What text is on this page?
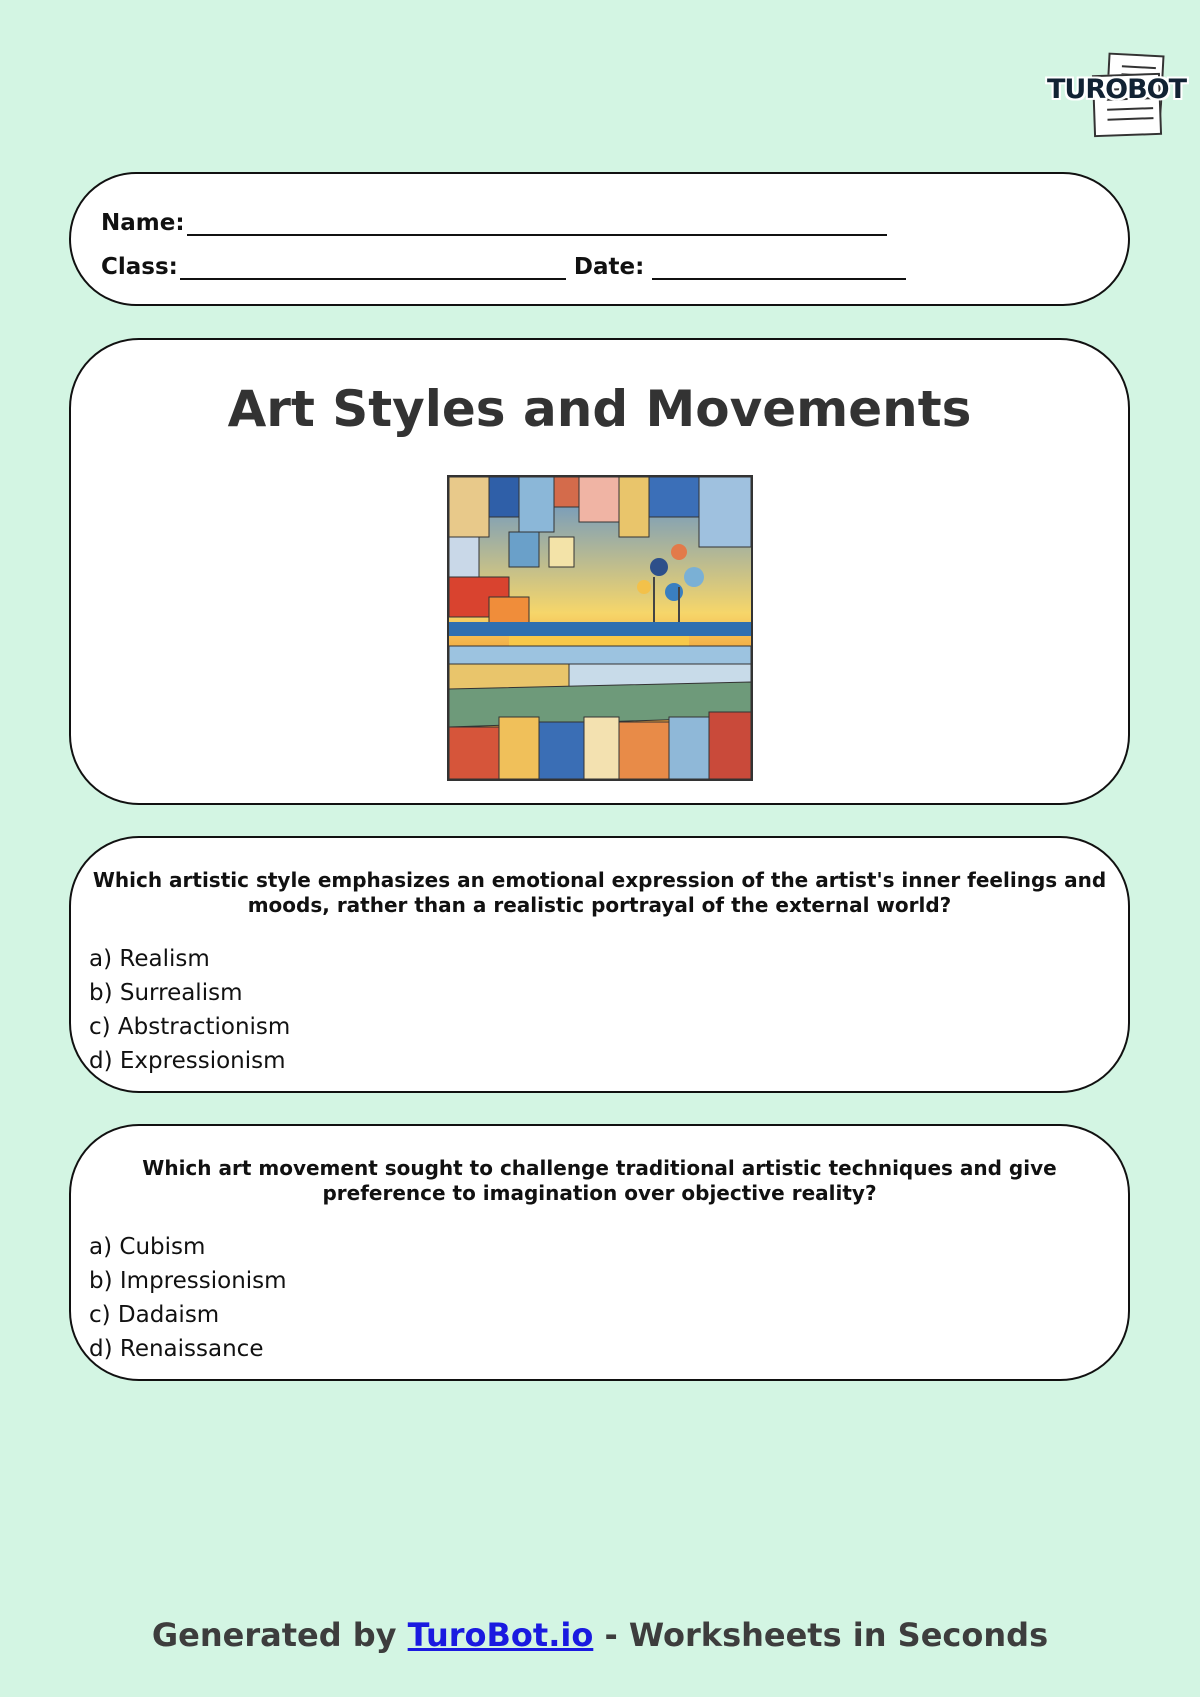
TUROBOT
Name:
Class:	Date:
Art Styles and Movements
Which artistic style emphasizes an emotional expression of the artist's inner feelings and moods, rather than a realistic portrayal of the external world?
a) Realism
b) Surrealism
c) Abstractionism
d) Expressionism
Which art movement sought to challenge traditional artistic techniques and give preference to imagination over objective reality?
a) Cubism
b) Impressionism
c) Dadaism
d) Renaissance
Generated by TuroBot.io - Worksheets in Seconds
